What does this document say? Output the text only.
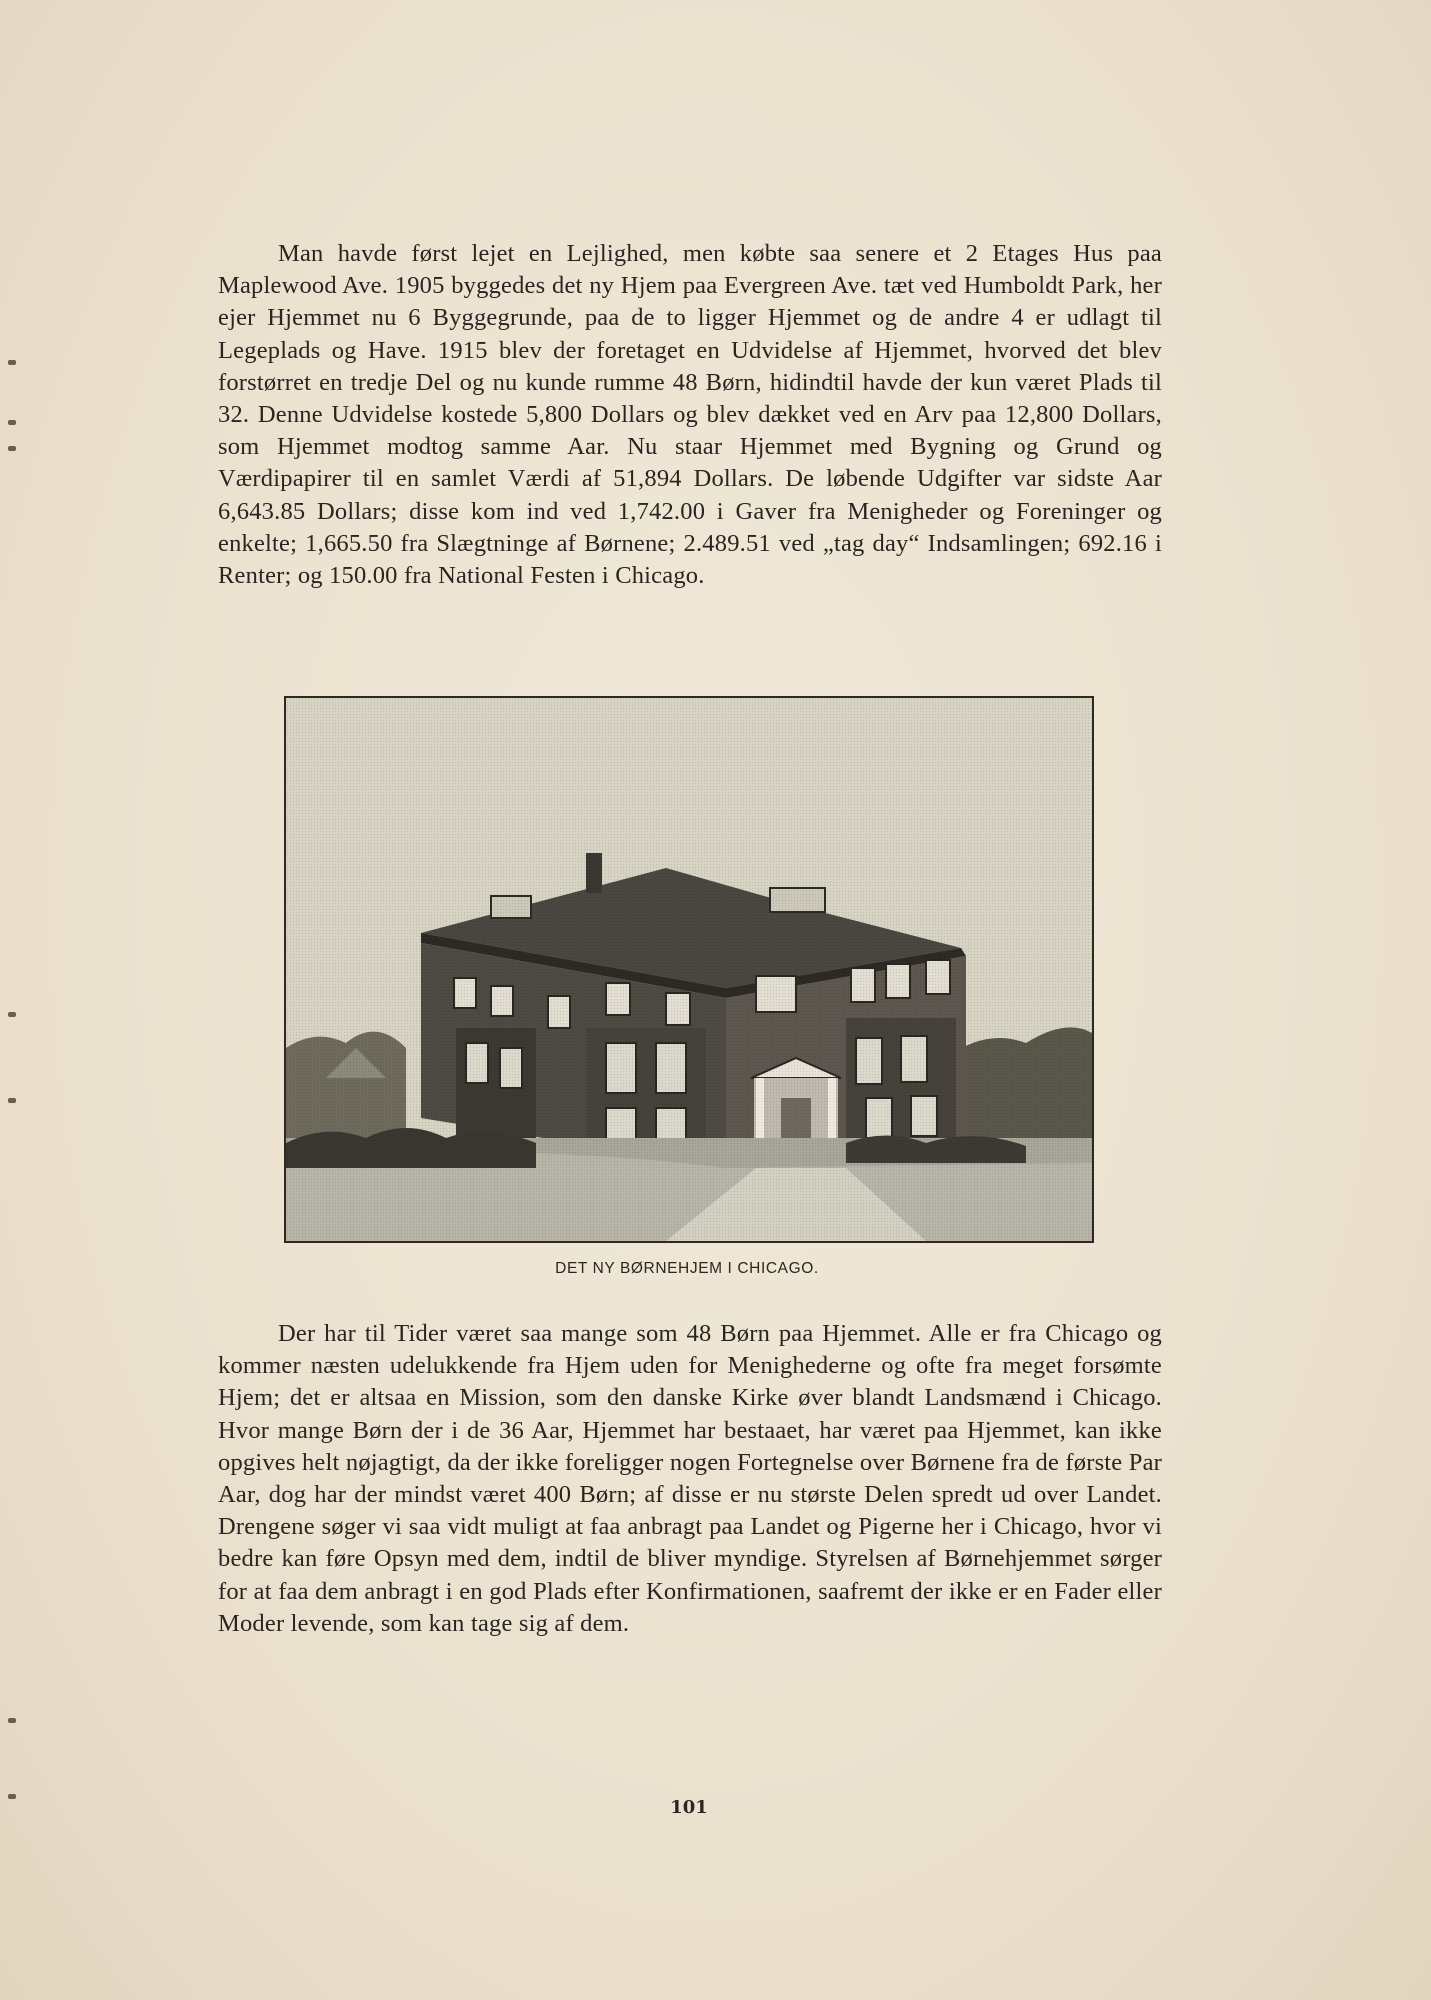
Man havde først lejet en Lejlighed, men købte saa senere et 2 Etages Hus paa Maplewood Ave. 1905 byggedes det ny Hjem paa Evergreen Ave. tæt ved Humboldt Park, her ejer Hjemmet nu 6 Byggegrunde, paa de to ligger Hjemmet og de andre 4 er udlagt til Legeplads og Have. 1915 blev der foretaget en Udvidelse af Hjemmet, hvorved det blev forstørret en tredje Del og nu kunde rumme 48 Børn, hidindtil havde der kun været Plads til 32. Denne Udvidelse kostede 5,800 Dollars og blev dækket ved en Arv paa 12,800 Dollars, som Hjemmet modtog samme Aar. Nu staar Hjemmet med Bygning og Grund og Værdipapirer til en samlet Værdi af 51,894 Dollars. De løbende Udgifter var sidste Aar 6,643.85 Dollars; disse kom ind ved 1,742.00 i Gaver fra Menigheder og Foreninger og enkelte; 1,665.50 fra Slægtninge af Børnene; 2.489.51 ved „tag day“ Indsamlingen; 692.16 i Renter; og 150.00 fra National Festen i Chicago.

DET NY BØRNEHJEM I CHICAGO.

Der har til Tider været saa mange som 48 Børn paa Hjemmet. Alle er fra Chicago og kommer næsten udelukkende fra Hjem uden for Menighederne og ofte fra meget forsømte Hjem; det er altsaa en Mission, som den danske Kirke øver blandt Landsmænd i Chicago. Hvor mange Børn der i de 36 Aar, Hjemmet har bestaaet, har været paa Hjemmet, kan ikke opgives helt nøjagtigt, da der ikke foreligger nogen Fortegnelse over Børnene fra de første Par Aar, dog har der mindst været 400 Børn; af disse er nu største Delen spredt ud over Landet. Drengene søger vi saa vidt muligt at faa anbragt paa Landet og Pigerne her i Chicago, hvor vi bedre kan føre Opsyn med dem, indtil de bliver myndige. Styrelsen af Børnehjemmet sørger for at faa dem anbragt i en god Plads efter Konfirmationen, saafremt der ikke er en Fader eller Moder levende, som kan tage sig af dem.

101
